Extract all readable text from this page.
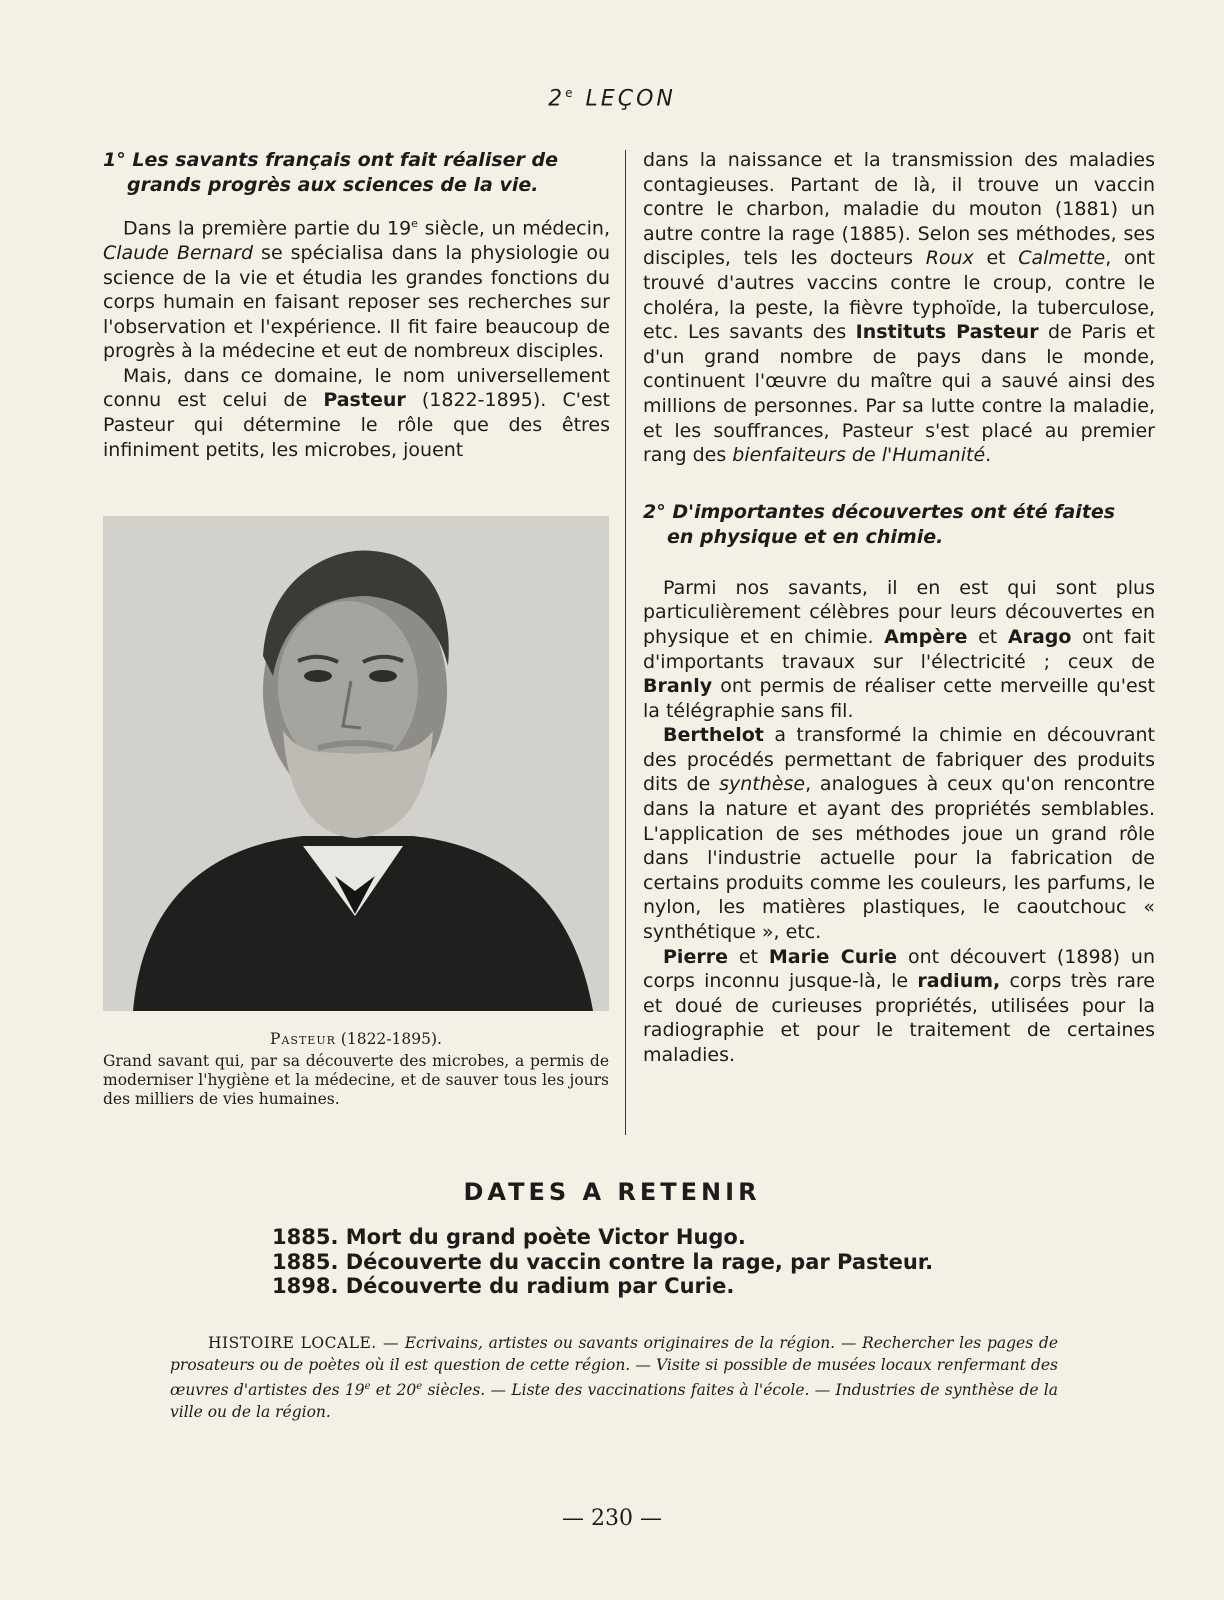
2e LEÇON

1° Les savants français ont fait réaliser de
grands progrès aux sciences de la vie.

Dans la première partie du 19e siècle, un médecin, Claude Bernard se spécialisa dans la physiologie ou science de la vie et étudia les grandes fonctions du corps humain en faisant reposer ses recherches sur l'observation et l'expérience. Il fit faire beaucoup de progrès à la médecine et eut de nombreux disciples.

Mais, dans ce domaine, le nom universellement connu est celui de Pasteur (1822-1895). C'est Pasteur qui détermine le rôle que des êtres infiniment petits, les microbes, jouent

Pasteur (1822-1895).
Grand savant qui, par sa découverte des microbes, a permis de moderniser l'hygiène et la médecine, et de sauver tous les jours des milliers de vies humaines.

dans la naissance et la transmission des maladies contagieuses. Partant de là, il trouve un vaccin contre le charbon, maladie du mouton (1881) un autre contre la rage (1885). Selon ses méthodes, ses disciples, tels les docteurs Roux et Calmette, ont trouvé d'autres vaccins contre le croup, contre le choléra, la peste, la fièvre typhoïde, la tuberculose, etc. Les savants des Instituts Pasteur de Paris et d'un grand nombre de pays dans le monde, continuent l'œuvre du maître qui a sauvé ainsi des millions de personnes. Par sa lutte contre la maladie, et les souffrances, Pasteur s'est placé au premier rang des bienfaiteurs de l'Humanité.

2° D'importantes découvertes ont été faites
en physique et en chimie.

Parmi nos savants, il en est qui sont plus particulièrement célèbres pour leurs découvertes en physique et en chimie. Ampère et Arago ont fait d'importants travaux sur l'électricité ; ceux de Branly ont permis de réaliser cette merveille qu'est la télégraphie sans fil.

Berthelot a transformé la chimie en découvrant des procédés permettant de fabriquer des produits dits de synthèse, analogues à ceux qu'on rencontre dans la nature et ayant des propriétés semblables. L'application de ses méthodes joue un grand rôle dans l'industrie actuelle pour la fabrication de certains produits comme les couleurs, les parfums, le nylon, les matières plastiques, le caoutchouc « synthétique », etc.

Pierre et Marie Curie ont découvert (1898) un corps inconnu jusque-là, le radium, corps très rare et doué de curieuses propriétés, utilisées pour la radiographie et pour le traitement de certaines maladies.

DATES A RETENIR
1885. Mort du grand poète Victor Hugo.
1885. Découverte du vaccin contre la rage, par Pasteur.
1898. Découverte du radium par Curie.
HISTOIRE LOCALE. — Ecrivains, artistes ou savants originaires de la région. — Rechercher les pages de prosateurs ou de poètes où il est question de cette région. — Visite si possible de musées locaux renfermant des œuvres d'artistes des 19e et 20e siècles. — Liste des vaccinations faites à l'école. — Industries de synthèse de la ville ou de la région.
— 230 —
